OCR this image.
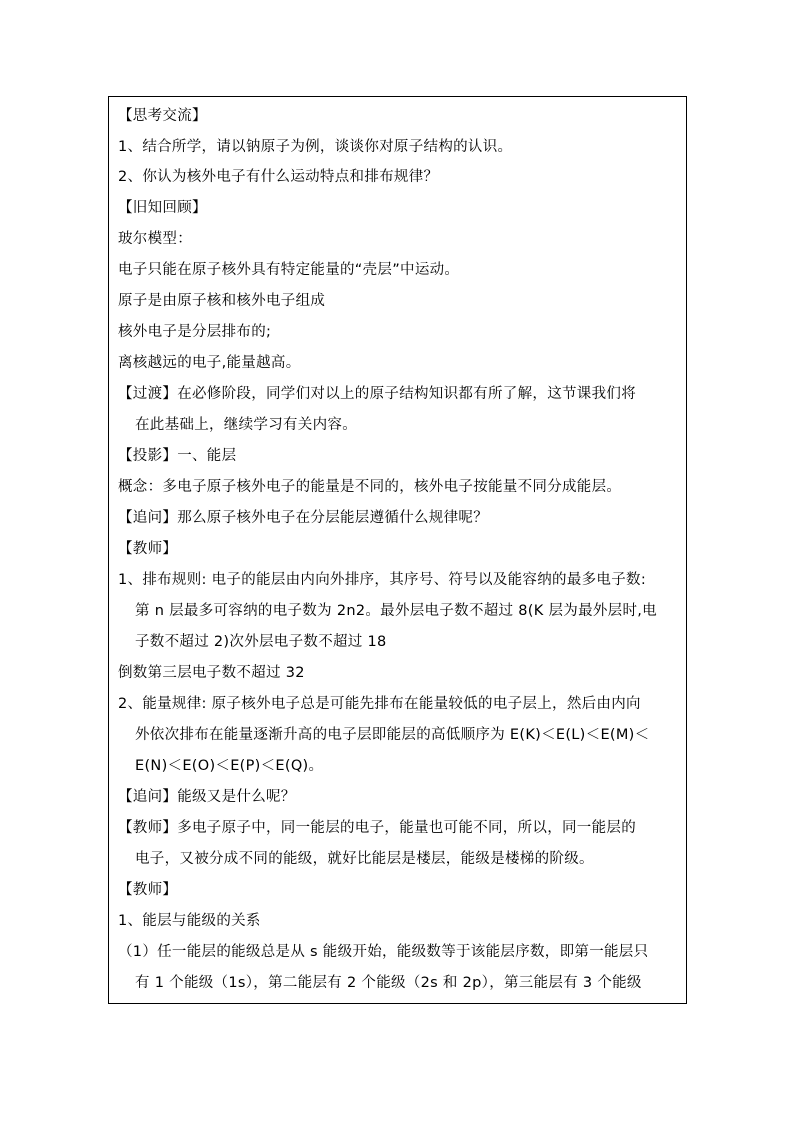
【思考交流】
1、结合所学，请以钠原子为例，谈谈你对原子结构的认识。
2、你认为核外电子有什么运动特点和排布规律？
【旧知回顾】
玻尔模型：
电子只能在原子核外具有特定能量的“壳层”中运动。
原子是由原子核和核外电子组成
核外电子是分层排布的;
离核越远的电子,能量越高。
【过渡】在必修阶段，同学们对以上的原子结构知识都有所了解，这节课我们将
在此基础上，继续学习有关内容。
【投影】一、能层
概念：多电子原子核外电子的能量是不同的，核外电子按能量不同分成能层。
【追问】那么原子核外电子在分层能层遵循什么规律呢？
【教师】
1、排布规则: 电子的能层由内向外排序，其序号、符号以及能容纳的最多电子数:
第 n 层最多可容纳的电子数为 2n2。最外层电子数不超过 8(K 层为最外层时,电
子数不超过 2)次外层电子数不超过 18
倒数第三层电子数不超过 32
2、能量规律: 原子核外电子总是可能先排布在能量较低的电子层上，然后由内向
外依次排布在能量逐渐升高的电子层即能层的高低顺序为 E(K)＜E(L)＜E(M)＜
E(N)＜E(O)＜E(P)＜E(Q)。
【追问】能级又是什么呢？
【教师】多电子原子中，同一能层的电子，能量也可能不同，所以，同一能层的
电子，又被分成不同的能级，就好比能层是楼层，能级是楼梯的阶级。
【教师】
1、能层与能级的关系
（1）任一能层的能级总是从 s 能级开始，能级数等于该能层序数，即第一能层只
有 1 个能级（1s），第二能层有 2 个能级（2s 和 2p），第三能层有 3 个能级
